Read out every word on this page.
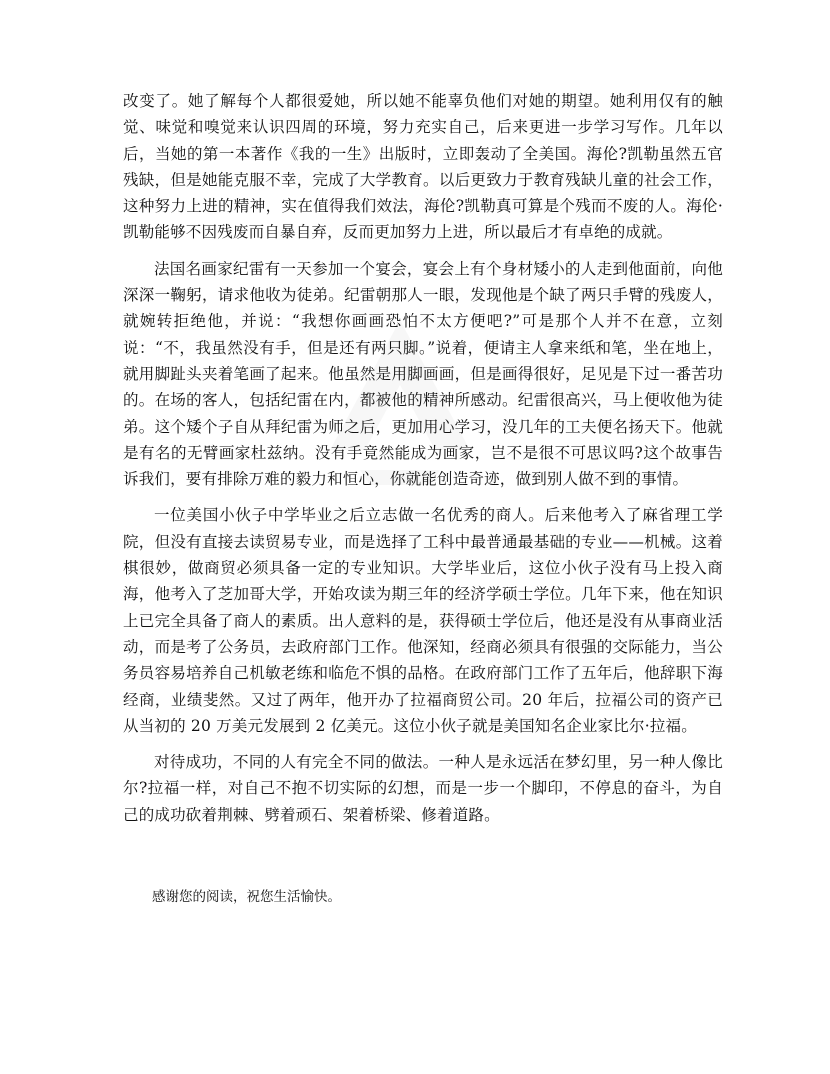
改变了。她了解每个人都很爱她，所以她不能辜负他们对她的期望。她利用仅有的触觉、味觉和嗅觉来认识四周的环境，努力充实自己，后来更进一步学习写作。几年以后，当她的第一本著作《我的一生》出版时，立即轰动了全美国。海伦?凯勒虽然五官残缺，但是她能克服不幸，完成了大学教育。以后更致力于教育残缺儿童的社会工作，这种努力上进的精神，实在值得我们效法，海伦?凯勒真可算是个残而不废的人。海伦·凯勒能够不因残废而自暴自弃，反而更加努力上进，所以最后才有卓绝的成就。

法国名画家纪雷有一天参加一个宴会，宴会上有个身材矮小的人走到他面前，向他深深一鞠躬，请求他收为徒弟。纪雷朝那人一眼，发现他是个缺了两只手臂的残废人，就婉转拒绝他，并说：“我想你画画恐怕不太方便吧?”可是那个人并不在意，立刻说：“不，我虽然没有手，但是还有两只脚。”说着，便请主人拿来纸和笔，坐在地上，就用脚趾头夹着笔画了起来。他虽然是用脚画画，但是画得很好，足见是下过一番苦功的。在场的客人，包括纪雷在内，都被他的精神所感动。纪雷很高兴，马上便收他为徒弟。这个矮个子自从拜纪雷为师之后，更加用心学习，没几年的工夫便名扬天下。他就是有名的无臂画家杜兹纳。没有手竟然能成为画家，岂不是很不可思议吗?这个故事告诉我们，要有排除万难的毅力和恒心，你就能创造奇迹，做到别人做不到的事情。

一位美国小伙子中学毕业之后立志做一名优秀的商人。后来他考入了麻省理工学院，但没有直接去读贸易专业，而是选择了工科中最普通最基础的专业——机械。这着棋很妙，做商贸必须具备一定的专业知识。大学毕业后，这位小伙子没有马上投入商海，他考入了芝加哥大学，开始攻读为期三年的经济学硕士学位。几年下来，他在知识上已完全具备了商人的素质。出人意料的是，获得硕士学位后，他还是没有从事商业活动，而是考了公务员，去政府部门工作。他深知，经商必须具有很强的交际能力，当公务员容易培养自己机敏老练和临危不惧的品格。在政府部门工作了五年后，他辞职下海经商，业绩斐然。又过了两年，他开办了拉福商贸公司。20 年后，拉福公司的资产已从当初的 20 万美元发展到 2 亿美元。这位小伙子就是美国知名企业家比尔·拉福。

对待成功，不同的人有完全不同的做法。一种人是永远活在梦幻里，另一种人像比尔?拉福一样，对自己不抱不切实际的幻想，而是一步一个脚印，不停息的奋斗，为自己的成功砍着荆棘、劈着顽石、架着桥梁、修着道路。

感谢您的阅读，祝您生活愉快。
